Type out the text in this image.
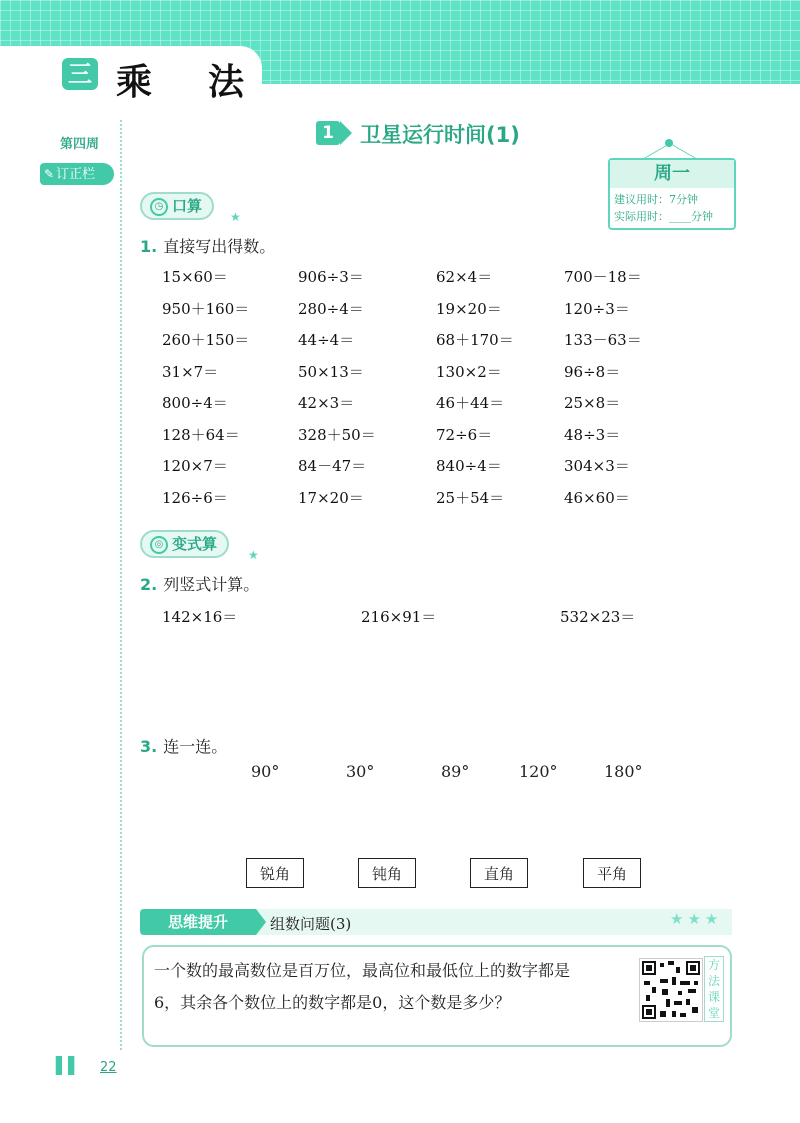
三 乘法
第四周
✎ 订正栏
1 卫星运行时间(1)
周一
建议用时：7分钟
实际用时：____分钟
◷ 口算
★
1. 直接写出得数。
15×60＝	906÷3＝	62×4＝	700－18＝
950＋160＝	280÷4＝	19×20＝	120÷3＝
260＋150＝	44÷4＝	68＋170＝	133－63＝
31×7＝	50×13＝	130×2＝	96÷8＝
800÷4＝	42×3＝	46＋44＝	25×8＝
128＋64＝	328＋50＝	72÷6＝	48÷3＝
120×7＝	84－47＝	840÷4＝	304×3＝
126÷6＝	17×20＝	25＋54＝	46×60＝
◎ 变式算
★
2. 列竖式计算。
142×16＝	216×91＝	532×23＝
3. 连一连。
90°	30°	89°	120°	180°
锐角	钝角	直角	平角
思维提升	组数问题(3)	★★★
一个数的最高数位是百万位，最高位和最低位上的数字都是
6，其余各个数位上的数字都是0，这个数是多少？
方法课堂
▌▌ 22
